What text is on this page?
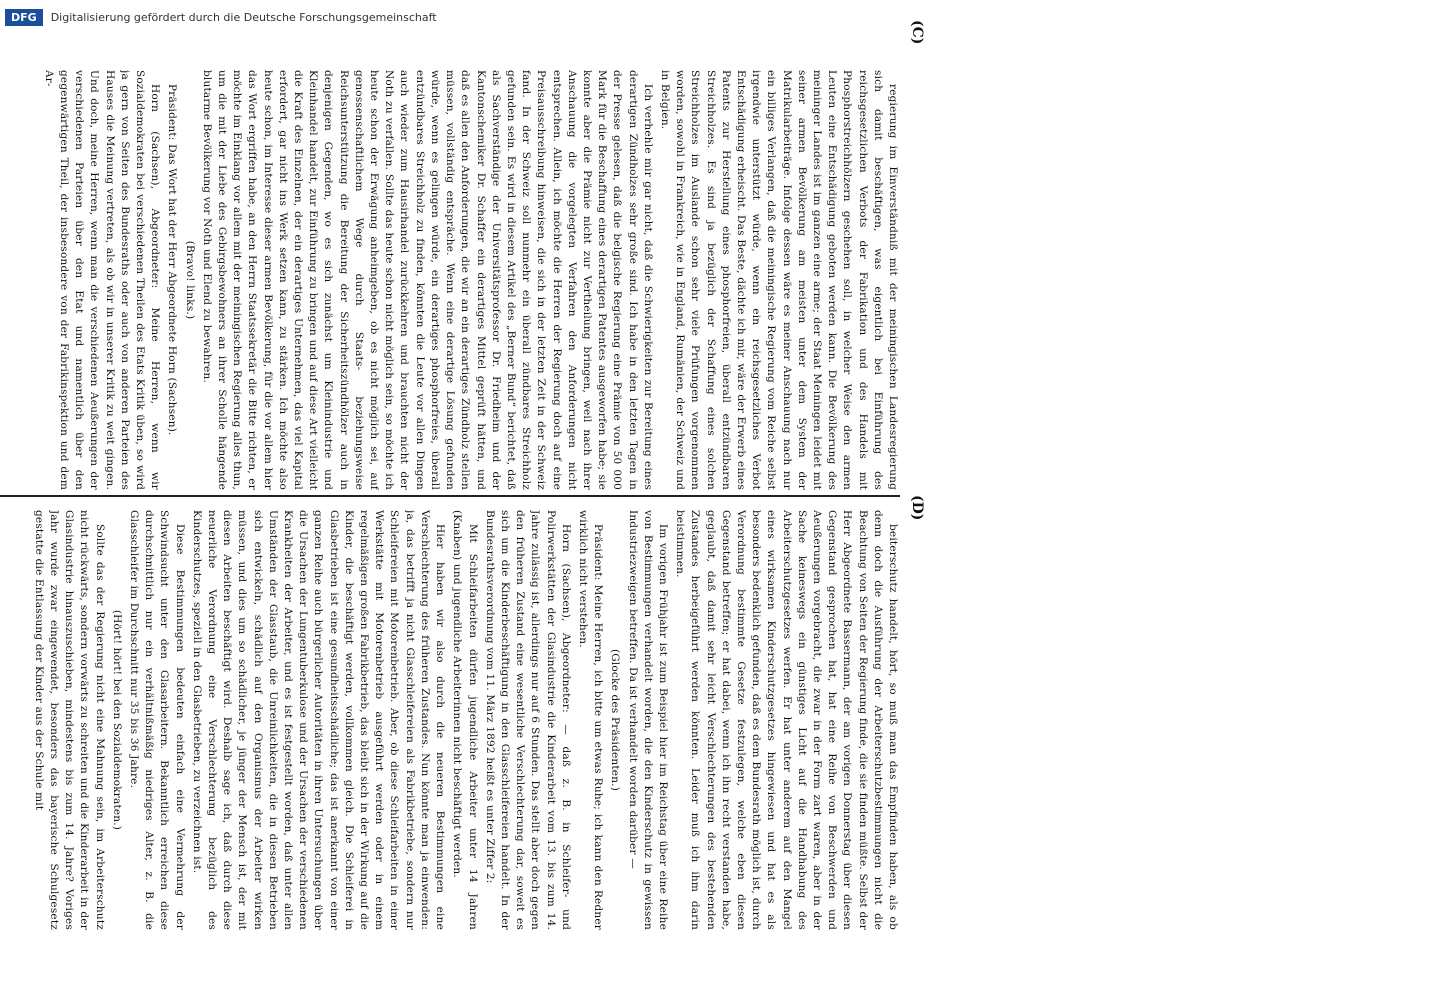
DFG	Digitalisierung gefördert durch die Deutsche Forschungsgemeinschaft
(C)
(D)

regierung im Einverständniß mit der meiningischen Landesregierung sich damit beschäftigen, was eigentlich bei Einführung des reichsgesetzlichen Verbots der Fabrikation und des Handels mit Phosphorstreichhölzern geschehen soll, in welcher Weise den armen Leuten eine Entschädigung geboten werden kann. Die Bevölkerung des meininger Landes ist im ganzen eine arme; der Staat Meiningen leidet mit seiner armen Bevölkerung am meisten unter dem System der Matrikularbeiträge. Infolge dessen wäre es meiner Anschauung nach nur ein billiges Verlangen, daß die meiningische Regierung vom Reiche selbst irgendwie unterstützt würde, wenn ein reichsgesetzliches Verbot Entschädigung erheischt. Das Beste, dächte ich mir, wäre der Erwerb eines Patents zur Herstellung eines phosphorfreien, überall entzündbaren Streichholzes. Es sind ja bezüglich der Schaffung eines solchen Streichholzes im Auslande schon sehr viele Prüfungen vorgenommen worden, sowohl in Frankreich, wie in England, Rumänien, der Schweiz und in Belgien.

Ich verhehle mir gar nicht, daß die Schwierigkeiten zur Bereitung eines derartigen Zündholzes sehr große sind. Ich habe in den letzten Tagen in der Presse gelesen, daß die belgische Regierung eine Prämie von 50 000 Mark für die Beschaffung eines derartigen Patentes ausgeworfen habe; sie konnte aber die Prämie nicht zur Vertheilung bringen, weil nach ihrer Anschauung die vorgelegten Verfahren den Anforderungen nicht entsprechen. Allein, ich möchte die Herren der Regierung doch auf eine Preisausschreibung hinweisen, die sich in der letzten Zeit in der Schweiz fand. In der Schweiz soll nunmehr ein überall zündbares Streichholz gefunden sein. Es wird in diesem Artikel des „Berner Bund“ berichtet, daß als Sachverständige der Universitätsprofessor Dr. Friedheim und der Kantonschemiker Dr. Schaffer ein derartiges Mittel geprüft hätten, und daß es allen den Anforderungen, die wir an ein derartiges Zündholz stellen müssen, vollständig entspräche. Wenn eine derartige Lösung gefunden würde, wenn es gelingen würde, ein derartiges phosphorfreies, überall entzündbares Streichholz zu finden, könnten die Leute vor allen Dingen auch wieder zum Hausirhandel zurückkehren und brauchten nicht der Noth zu verfallen. Sollte das heute schon nicht möglich sein, so möchte ich heute schon der Erwägung anheimgeben, ob es nicht möglich sei, auf genossenschaftlichem Wege durch Staats- beziehungsweise Reichsunterstützung die Bereitung der Sicherheitszündhölzer auch in denjenigen Gegenden, wo es sich zunächst um Kleinindustrie und Kleinhandel handelt, zur Einführung zu bringen und auf diese Art vielleicht die Kraft des Einzelnen, der ein derartiges Unternehmen, das viel Kapital erfordert, gar nicht ins Werk setzen kann, zu stärken. Ich möchte also heute schon, im Interesse dieser armen Bevölkerung, für die vor allem hier das Wort ergriffen habe, an den Herrn Staatssekretär die Bitte richten, er möchte im Einklang vor allem mit der meiningischen Regierung alles thun, um die mit der Liebe des Gebirgsbewohners an ihrer Scholle hängende blutarme Bevölkerung vor Noth und Elend zu bewahren.

(Bravo! links.)

Präsident: Das Wort hat der Herr Abgeordnete Horn (Sachsen).

Horn (Sachsen), Abgeordneter: Meine Herren, wenn wir Sozialdemokraten bei verschiedenen Theilen des Etats Kritik üben, so wird ja gern von Seiten des Bundesraths oder auch von anderen Parteien des Hauses die Meinung vertreten, als ob wir in unserer Kritik zu weit gingen. Und doch, meine Herren, wenn man die verschiedenen Aeußerungen der verschiedenen Parteien über den Etat und namentlich über den gegenwärtigen Theil, der insbesondere von der Fabrikinspektion und dem Ar-

beiterschutz handelt, hört, so muß man das Empfinden haben, als ob denn doch die Ausführung der Arbeiterschutzbestimmungen nicht die Beachtung von Seiten der Regierung finde, die sie finden müßte. Selbst der Herr Abgeordnete Bassermann, der am vorigen Donnerstag über diesen Gegenstand gesprochen hat, hat eine Reihe von Beschwerden und Aeußerungen vorgebracht, die zwar in der Form zart waren, aber in der Sache keineswegs ein günstiges Licht auf die Handhabung des Arbeiterschutzgesetzes werfen. Er hat unter anderem auf den Mangel eines wirksamen Kinderschutzgesetzes hingewiesen und hat es als besonders bedenklich gefunden, daß es dem Bundesrath möglich ist, durch Verordnung bestimmte Gesetze festzulegen, welche eben diesen Gegenstand betreffen; er hat dabei, wenn ich ihn recht verstanden habe, geglaubt, daß damit sehr leicht Verschlechterungen des bestehenden Zustandes herbeigeführt werden könnten. Leider muß ich ihm darin beistimmen.

Im vorigen Frühjahr ist zum Beispiel hier im Reichstag über eine Reihe von Bestimmungen verhandelt worden, die den Kinderschutz in gewissen Industriezweigen betreffen. Da ist verhandelt worden darüber —

(Glocke des Präsidenten.)

Präsident: Meine Herren, ich bitte um etwas Ruhe; ich kann den Redner wirklich nicht verstehen.

Horn (Sachsen), Abgeordneter: — daß z. B. in Schleifer- und Polirwerkstätten der Glasindustrie die Kinderarbeit vom 13. bis zum 14. Jahre zulässig ist, allerdings nur auf 6 Stunden. Das stellt aber doch gegen den früheren Zustand eine wesentliche Verschlechterung dar, soweit es sich um die Kinderbeschäftigung in den Glasschleifereien handelt. In der Bundesrathsverordnung vom 11. März 1892 heißt es unter Ziffer 2:

Mit Schleifarbeiten dürfen jugendliche Arbeiter unter 14 Jahren (Knaben) und jugendliche Arbeiterinnen nicht beschäftigt werden.

Hier haben wir also durch die neueren Bestimmungen eine Verschlechterung des früheren Zustandes. Nun könnte man ja einwenden: ja, das betrifft ja nicht Glasschleifereien als Fabrikbetriebe, sondern nur Schleifereien mit Motorenbetrieb. Aber, ob diese Schleifarbeiten in einer Werkstätte mit Motorenbetrieb ausgeführt werden oder in einem regelmäßigen großen Fabrikbetrieb, das bleibt sich in der Wirkung auf die Kinder, die beschäftigt werden, vollkommen gleich. Die Schleiferei in Glasbetrieben ist eine gesundheitsschädliche; das ist anerkannt von einer ganzen Reihe auch bürgerlicher Autoritäten in ihren Untersuchungen über die Ursachen der Lungentuberkulose und der Ursachen der verschiedenen Krankheiten der Arbeiter, und es ist festgestellt worden, daß unter allen Umständen der Glasstaub, die Unreinlichkeiten, die in diesen Betrieben sich entwickeln, schädlich auf den Organismus der Arbeiter wirken müssen, und dies um so schädlicher, je jünger der Mensch ist, der mit diesen Arbeiten beschäftigt wird. Deshalb sage ich, daß durch diese neuerliche Verordnung eine Verschlechterung bezüglich des Kinderschutzes, speziell in den Glasbetrieben, zu verzeichnen ist.

Diese Bestimmungen bedeuten einfach eine Vermehrung der Schwindsucht unter den Glasarbeitern. Bekanntlich erreichen diese durchschnittlich nur ein verhältnißmäßig niedriges Alter, z. B. die Glasschleifer im Durchschnitt nur 35 bis 36 Jahre.

(Hört! hört! bei den Sozialdemokraten.)

Sollte das der Regierung nicht eine Mahnung sein, im Arbeiterschutz nicht rückwärts, sondern vorwärts zu schreiten und die Kinderarbeit in der Glasindustrie hinauszuschieben, mindestens bis zum 14. Jahre? Voriges Jahr wurde zwar eingewendet, besonders das bayerische Schulgesetz gestatte die Entlassung der Kinder aus der Schule mit
